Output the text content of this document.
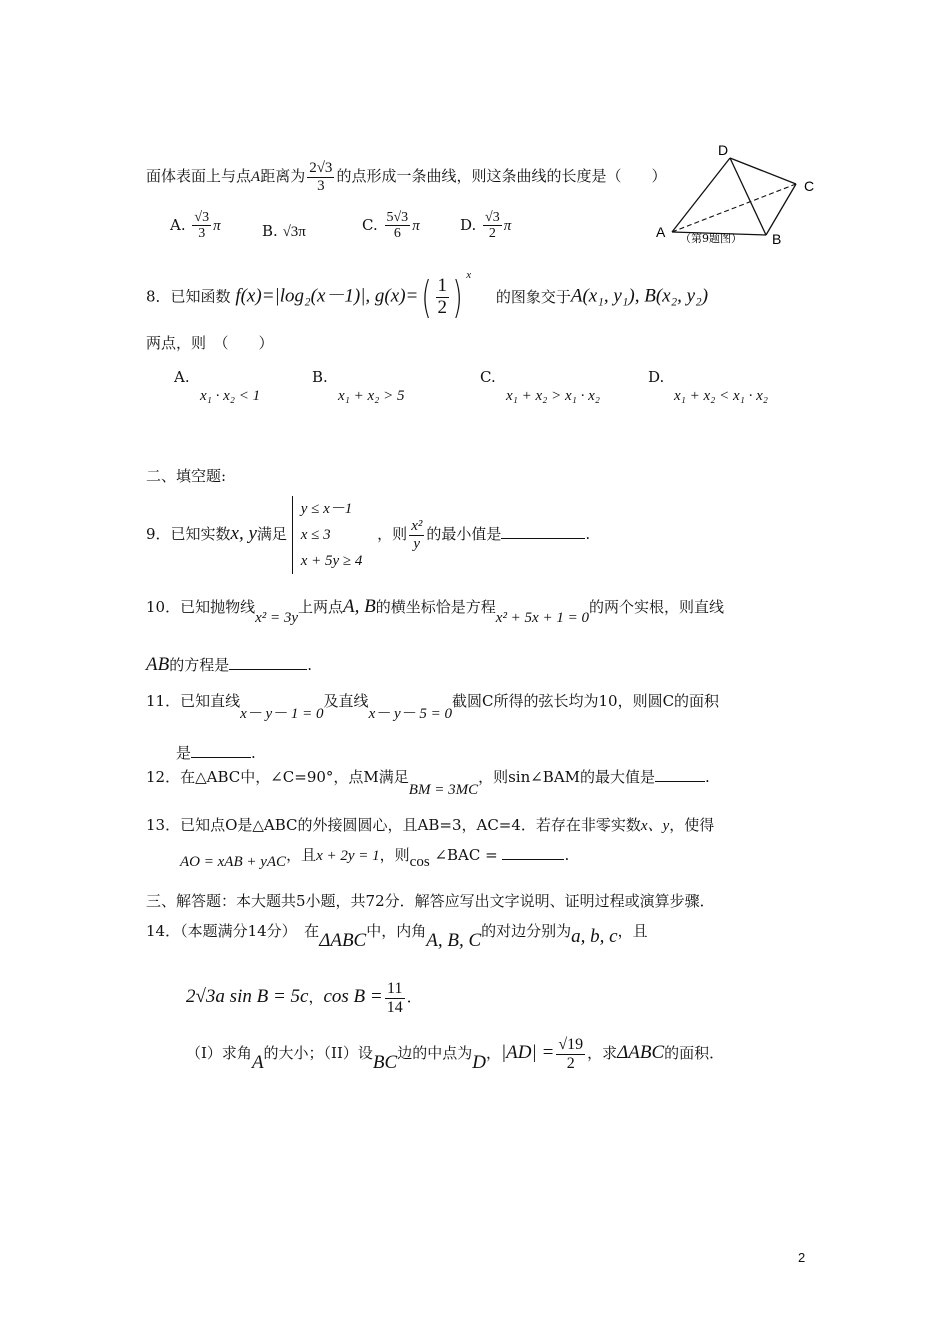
面体表面上与点A距离为 $\frac{2√3}{3}$ 的点形成一条曲线，则这条曲线的长度是（　　）
A. $\frac{√3}{3}$ π	B. √3π	C. $\frac{5√3}{6}$ π	D. $\frac{√3}{2}$ π
D
C
A	B
（第9题图）
8．已知函数 f(x)=|log₂(x－1)|, $g(x)=( \frac{1}{2}$ ) $^x$ 的图象交于A(x₁, y₁), B(x₂, y₂)
两点，则　（　　）
A.
x₁ · x₂ < 1
B.
x₁ + x₂ > 5
C.
x₁ + x₂ > x₁ · x₂
D.
x₁ + x₂ < x₁ · x₂
二、填空题:
9．已知实数x, y满足
y ≤ x－1
x ≤ 3
x + 5y ≥ 4
，则 $\frac{\text{x²}}{y}$ 的最小值是	.
10．已知抛物线x² = 3y上两点A, B的横坐标恰是方程x² + 5x + 1 = 0的两个实根，则直线
AB的方程是	.
11．已知直线x－ y－ 1 = 0及直线x－ y－ 5 = 0截圆C所得的弦长均为10，则圆C的面积
是	.
12．在△ABC中，∠C=90°，点M满足BM = 3MC，则sin∠BAM的最大值是	.
13．已知点O是△ABC的外接圆圆心，且AB=3，AC=4．若存在非零实数x、y，使得
AO = xAB + yAC，且x + 2y = 1，则cos ∠BAC =	.
三、解答题：本大题共5小题，共72分．解答应写出文字说明、证明过程或演算步骤．
14．（本题满分14分）　在ΔABC中，内角A, B, C的对边分别为a, b, c，且
2√3a sin B = 5c，$\cos B = \frac{11}{14}$ ．
（I）求角A的大小；（II）设BC边的中点为D，$|AD| = \frac{√19}{2}$ ，求ΔABC的面积．
2
